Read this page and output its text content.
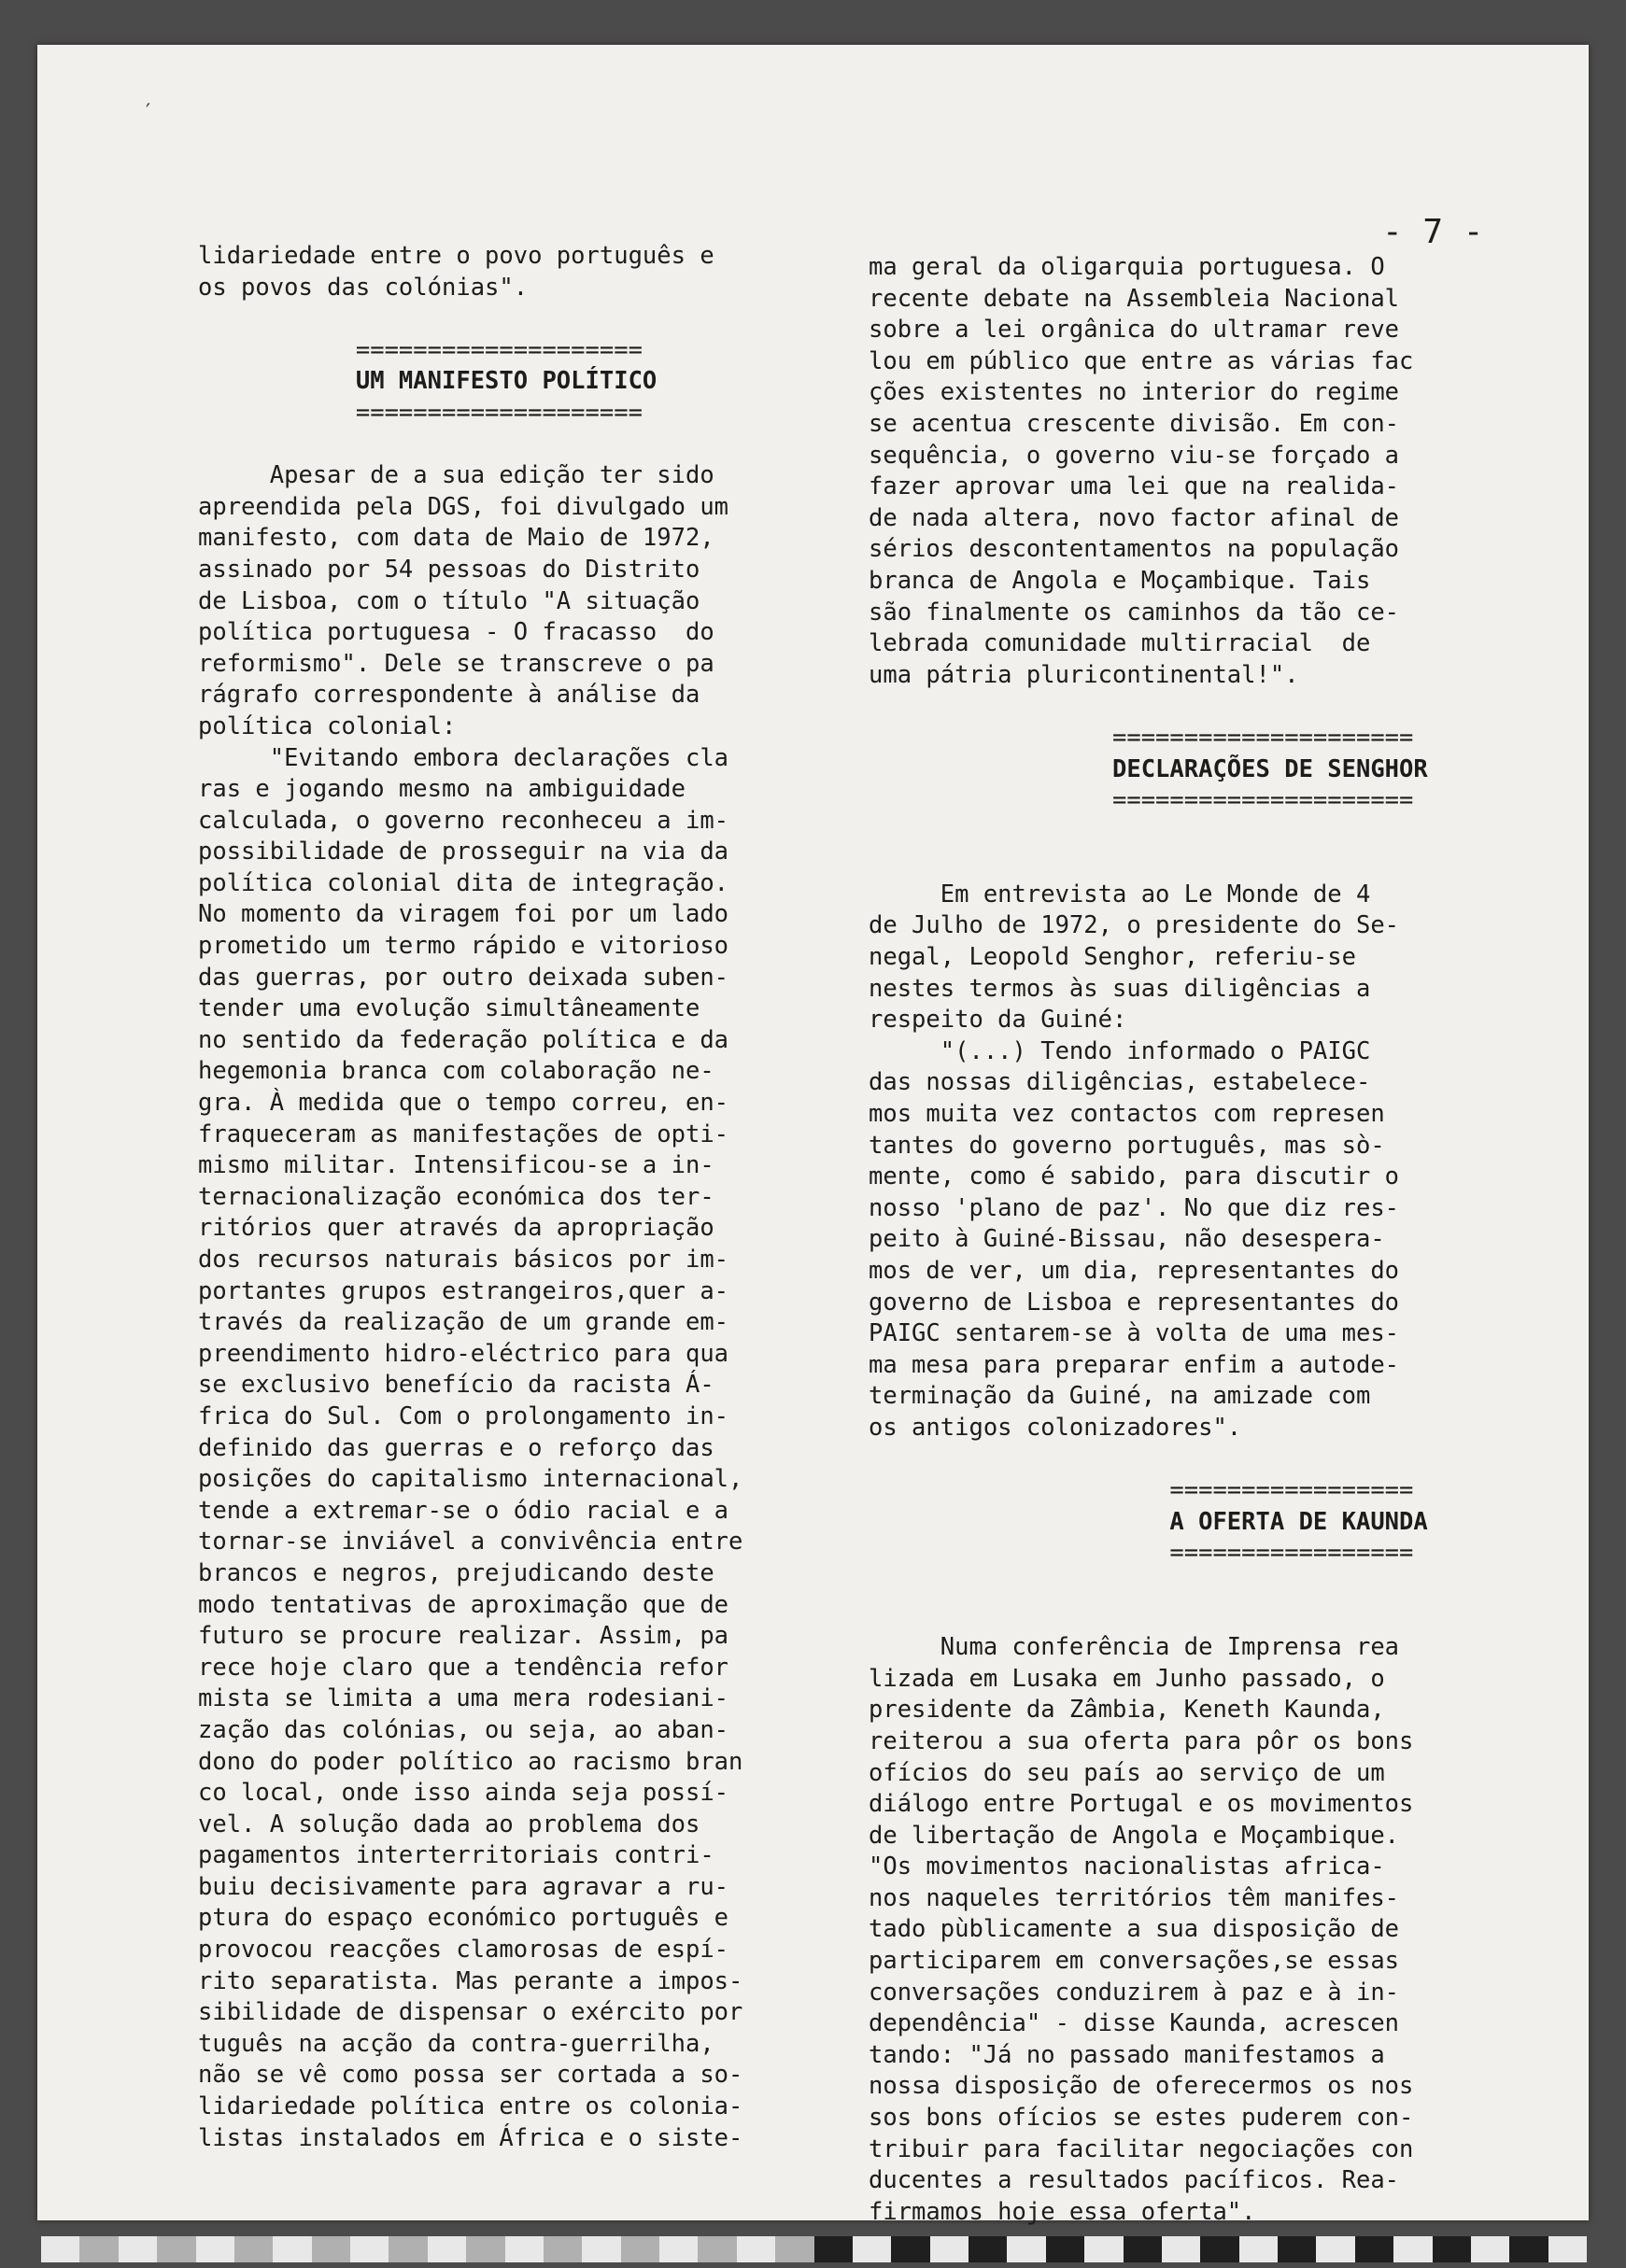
- 7 -
′
lidariedade entre o povo português e
os povos das colónias".
====================
UM MANIFESTO POLÍTICO
====================
Apesar de a sua edição ter sido
apreendida pela DGS, foi divulgado um
manifesto, com data de Maio de 1972,
assinado por 54 pessoas do Distrito
de Lisboa, com o título "A situação
política portuguesa - O fracasso  do
reformismo". Dele se transcreve o pa
rágrafo correspondente à análise da
política colonial:
"Evitando embora declarações cla
ras e jogando mesmo na ambiguidade
calculada, o governo reconheceu a im-
possibilidade de prosseguir na via da
política colonial dita de integração.
No momento da viragem foi por um lado
prometido um termo rápido e vitorioso
das guerras, por outro deixada suben-
tender uma evolução simultâneamente
no sentido da federação política e da
hegemonia branca com colaboração ne-
gra. À medida que o tempo correu, en-
fraqueceram as manifestações de opti-
mismo militar. Intensificou-se a in-
ternacionalização económica dos ter-
ritórios quer através da apropriação
dos recursos naturais básicos por im-
portantes grupos estrangeiros,quer a-
través da realização de um grande em-
preendimento hidro-eléctrico para qua
se exclusivo benefício da racista Á-
frica do Sul. Com o prolongamento in-
definido das guerras e o reforço das
posições do capitalismo internacional,
tende a extremar-se o ódio racial e a
tornar-se inviável a convivência entre
brancos e negros, prejudicando deste
modo tentativas de aproximação que de
futuro se procure realizar. Assim, pa
rece hoje claro que a tendência refor
mista se limita a uma mera rodesiani-
zação das colónias, ou seja, ao aban-
dono do poder político ao racismo bran
co local, onde isso ainda seja possí-
vel. A solução dada ao problema dos
pagamentos interterritoriais contri-
buiu decisivamente para agravar a ru-
ptura do espaço económico português e
provocou reacções clamorosas de espí-
rito separatista. Mas perante a impos-
sibilidade de dispensar o exército por
tuguês na acção da contra-guerrilha,
não se vê como possa ser cortada a so-
lidariedade política entre os colonia-
listas instalados em África e o siste-
ma geral da oligarquia portuguesa. O
recente debate na Assembleia Nacional
sobre a lei orgânica do ultramar reve
lou em público que entre as várias fac
ções existentes no interior do regime
se acentua crescente divisão. Em con-
sequência, o governo viu-se forçado a
fazer aprovar uma lei que na realida-
de nada altera, novo factor afinal de
sérios descontentamentos na população
branca de Angola e Moçambique. Tais
são finalmente os caminhos da tão ce-
lebrada comunidade multirracial  de
uma pátria pluricontinental!".
=====================
DECLARAÇÕES DE SENGHOR
=====================
Em entrevista ao Le Monde de 4
de Julho de 1972, o presidente do Se-
negal, Leopold Senghor, referiu-se
nestes termos às suas diligências a
respeito da Guiné:
"(...) Tendo informado o PAIGC
das nossas diligências, estabelece-
mos muita vez contactos com represen
tantes do governo português, mas sò-
mente, como é sabido, para discutir o
nosso 'plano de paz'. No que diz res-
peito à Guiné-Bissau, não desespera-
mos de ver, um dia, representantes do
governo de Lisboa e representantes do
PAIGC sentarem-se à volta de uma mes-
ma mesa para preparar enfim a autode-
terminação da Guiné, na amizade com
os antigos colonizadores".
=================
A OFERTA DE KAUNDA
=================
Numa conferência de Imprensa rea
lizada em Lusaka em Junho passado, o
presidente da Zâmbia, Keneth Kaunda,
reiterou a sua oferta para pôr os bons
ofícios do seu país ao serviço de um
diálogo entre Portugal e os movimentos
de libertação de Angola e Moçambique.
"Os movimentos nacionalistas africa-
nos naqueles territórios têm manifes-
tado pùblicamente a sua disposição de
participarem em conversações,se essas
conversações conduzirem à paz e à in-
dependência" - disse Kaunda, acrescen
tando: "Já no passado manifestamos a
nossa disposição de oferecermos os nos
sos bons ofícios se estes puderem con-
tribuir para facilitar negociações con
ducentes a resultados pacíficos. Rea-
firmamos hoje essa oferta".
